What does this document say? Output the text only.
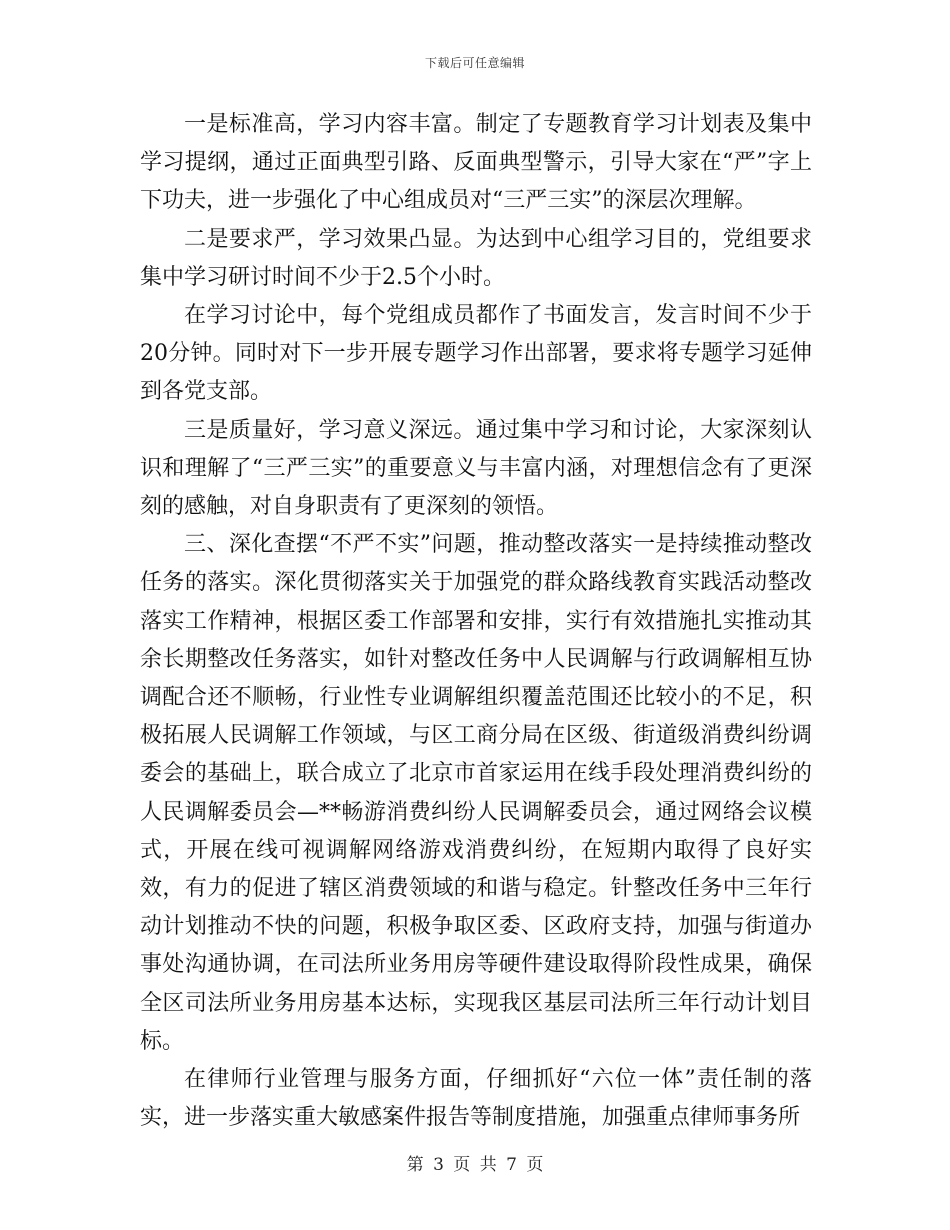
下载后可任意编辑

一是标准高，学习内容丰富。制定了专题教育学习计划表及集中学习提纲，通过正面典型引路、反面典型警示，引导大家在“严”字上下功夫，进一步强化了中心组成员对“三严三实”的深层次理解。

二是要求严，学习效果凸显。为达到中心组学习目的，党组要求集中学习研讨时间不少于2.5个小时。

在学习讨论中，每个党组成员都作了书面发言，发言时间不少于20分钟。同时对下一步开展专题学习作出部署，要求将专题学习延伸到各党支部。

三是质量好，学习意义深远。通过集中学习和讨论，大家深刻认识和理解了“三严三实”的重要意义与丰富内涵，对理想信念有了更深刻的感触，对自身职责有了更深刻的领悟。

三、深化查摆“不严不实”问题，推动整改落实一是持续推动整改任务的落实。深化贯彻落实关于加强党的群众路线教育实践活动整改落实工作精神，根据区委工作部署和安排，实行有效措施扎实推动其余长期整改任务落实，如针对整改任务中人民调解与行政调解相互协调配合还不顺畅，行业性专业调解组织覆盖范围还比较小的不足，积极拓展人民调解工作领域，与区工商分局在区级、街道级消费纠纷调委会的基础上，联合成立了北京市首家运用在线手段处理消费纠纷的人民调解委员会—**畅游消费纠纷人民调解委员会，通过网络会议模式，开展在线可视调解网络游戏消费纠纷，在短期内取得了良好实效，有力的促进了辖区消费领域的和谐与稳定。针整改任务中三年行动计划推动不快的问题，积极争取区委、区政府支持，加强与街道办事处沟通协调，在司法所业务用房等硬件建设取得阶段性成果，确保全区司法所业务用房基本达标，实现我区基层司法所三年行动计划目标。

在律师行业管理与服务方面，仔细抓好“六位一体”责任制的落实，进一步落实重大敏感案件报告等制度措施，加强重点律师事务所

第 3 页 共 7 页
